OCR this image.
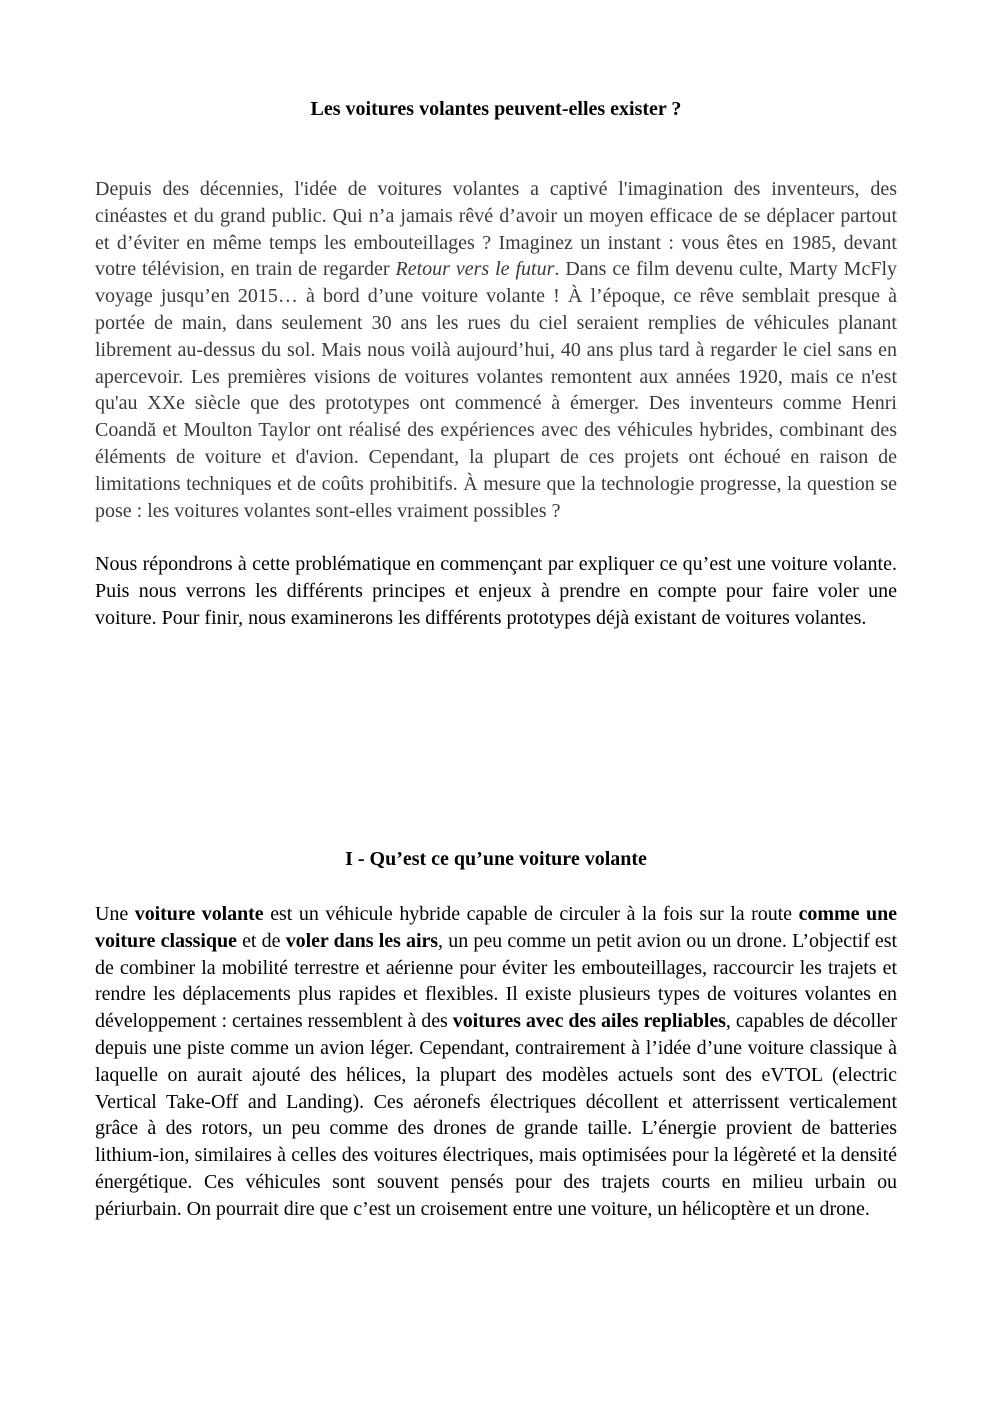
Les voitures volantes peuvent-elles exister ?

Depuis des décennies, l'idée de voitures volantes a captivé l'imagination des inventeurs, des cinéastes et du grand public. Qui n’a jamais rêvé d’avoir un moyen efficace de se déplacer partout et d’éviter en même temps les embouteillages ? Imaginez un instant : vous êtes en 1985, devant votre télévision, en train de regarder Retour vers le futur. Dans ce film devenu culte, Marty McFly voyage jusqu’en 2015… à bord d’une voiture volante ! À l’époque, ce rêve semblait presque à portée de main, dans seulement 30 ans les rues du ciel seraient remplies de véhicules planant librement au-dessus du sol. Mais nous voilà aujourd’hui, 40 ans plus tard à regarder le ciel sans en apercevoir. Les premières visions de voitures volantes remontent aux années 1920, mais ce n'est qu'au XXe siècle que des prototypes ont commencé à émerger. Des inventeurs comme Henri Coandă et Moulton Taylor ont réalisé des expériences avec des véhicules hybrides, combinant des éléments de voiture et d'avion. Cependant, la plupart de ces projets ont échoué en raison de limitations techniques et de coûts prohibitifs. À mesure que la technologie progresse, la question se pose : les voitures volantes sont-elles vraiment possibles ?

Nous répondrons à cette problématique en commençant par expliquer ce qu’est une voiture volante. Puis nous verrons les différents principes et enjeux à prendre en compte pour faire voler une voiture. Pour finir, nous examinerons les différents prototypes déjà existant de voitures volantes.

I - Qu’est ce qu’une voiture volante

Une voiture volante est un véhicule hybride capable de circuler à la fois sur la route comme une voiture classique et de voler dans les airs, un peu comme un petit avion ou un drone. L’objectif est de combiner la mobilité terrestre et aérienne pour éviter les embouteillages, raccourcir les trajets et rendre les déplacements plus rapides et flexibles. Il existe plusieurs types de voitures volantes en développement : certaines ressemblent à des voitures avec des ailes repliables, capables de décoller depuis une piste comme un avion léger. Cependant, contrairement à l’idée d’une voiture classique à laquelle on aurait ajouté des hélices, la plupart des modèles actuels sont des eVTOL (electric Vertical Take-Off and Landing). Ces aéronefs électriques décollent et atterrissent verticalement grâce à des rotors, un peu comme des drones de grande taille. L’énergie provient de batteries lithium-ion, similaires à celles des voitures électriques, mais optimisées pour la légèreté et la densité énergétique. Ces véhicules sont souvent pensés pour des trajets courts en milieu urbain ou périurbain. On pourrait dire que c’est un croisement entre une voiture, un hélicoptère et un drone.
